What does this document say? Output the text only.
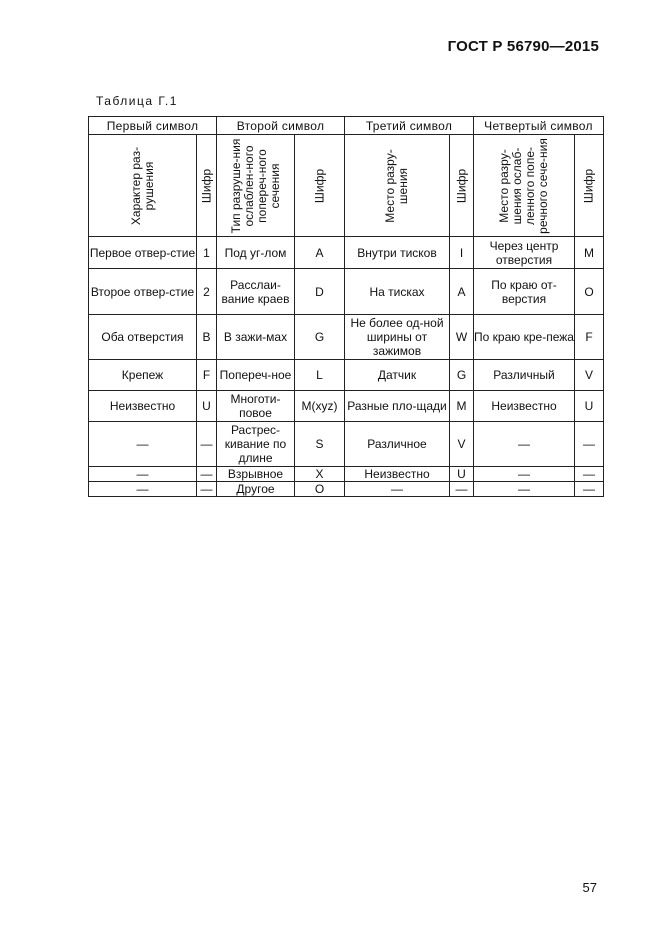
ГОСТ Р 56790—2015
Таблица Г.1
Первый символ		Второй символ		Третий символ		Четвертый символ	

Характер раз-рушения	Шифр	Тип разруше-ния ослаблен-ного попереч-ного сечения	Шифр	Место разру-шения	Шифр	Место разру-шения ослаб-ленного попе-речного сече-ния	Шифр

Первое отвер-стие	1	Под уг-лом	A	Внутри тисков	I	Через центр отверстия	M
Второе отвер-стие	2	Расслаи-вание краев	D	На тисках	A	По краю от-верстия	O
Оба отверстия	B	В зажи-мах	G	Не более од-ной ширины от зажимов	W	По краю кре-пежа	F
Крепеж	F	Попереч-ное	L	Датчик	G	Различный	V
Неизвестно	U	Многоти-повое	M(xyz)	Разные пло-щади	M	Неизвестно	U
—	—	Растрес-кивание по длине	S	Различное	V	—	—
—	—	Взрывное	X	Неизвестно	U	—	—
—	—	Другое	O	—	—	—	—
57
